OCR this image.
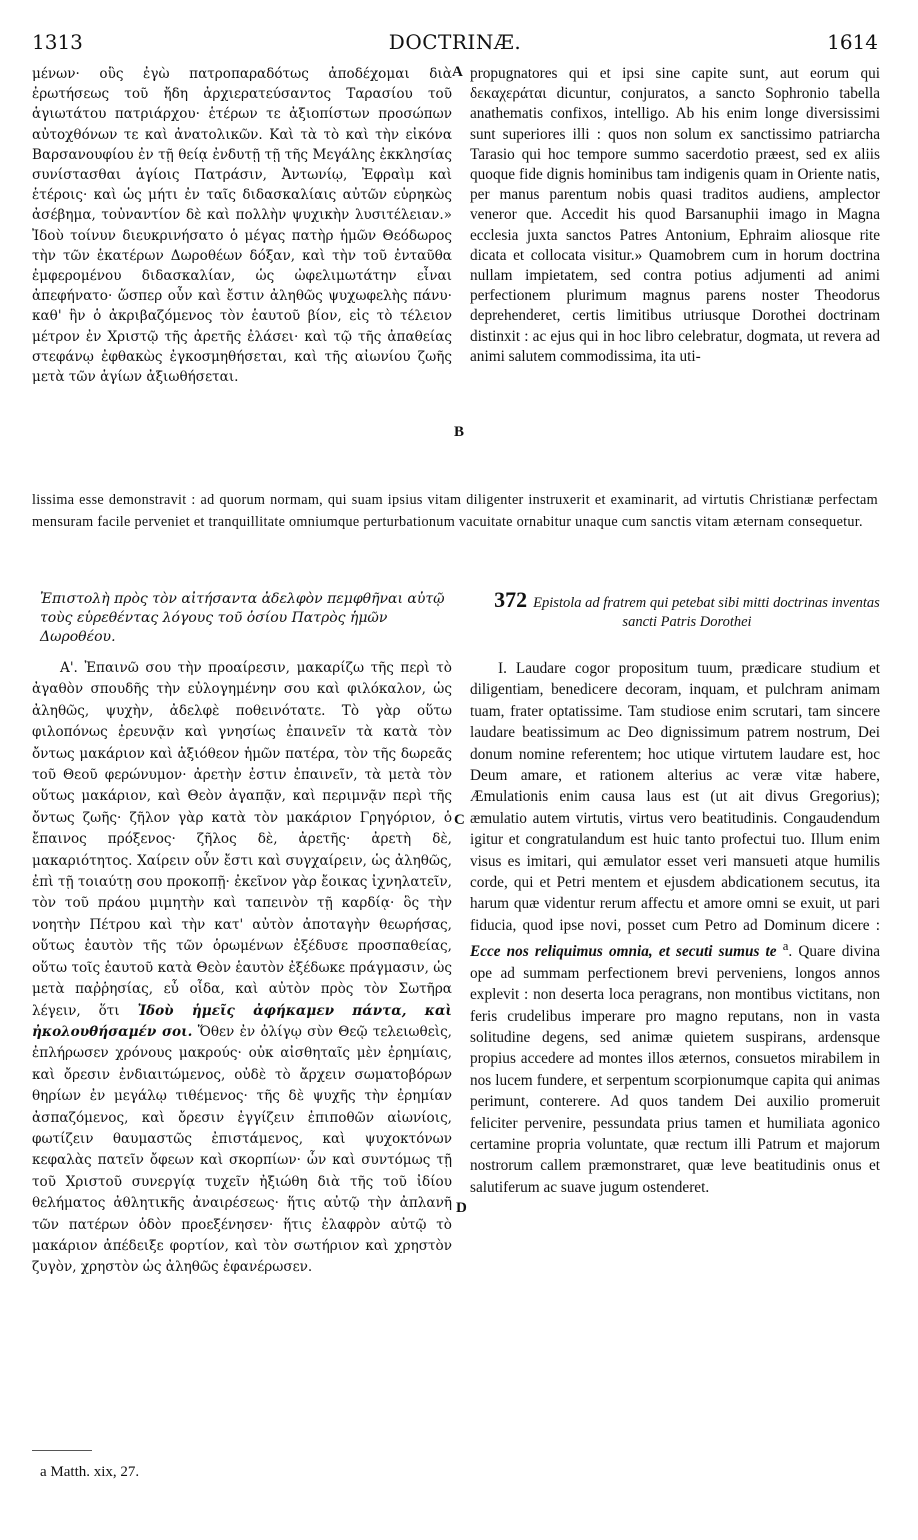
1313	DOCTRINÆ.	1614

μένων· οὓς ἐγὼ πατροπαραδότως ἀποδέχομαι διὰ ἐρωτήσεως τοῦ ἤδη ἀρχιερατεύσαντος Ταρασίου τοῦ ἁγιωτάτου πατριάρχου· ἑτέρων τε ἀξιοπίστων προσώπων αὐτοχθόνων τε καὶ ἀνατολικῶν. Καὶ τὰ τὸ καὶ τὴν εἰκόνα Βαρσανουφίου ἐν τῇ θείᾳ ἐνδυτῇ τῇ τῆς Μεγάλης ἐκκλησίας συνίστασθαι ἁγίοις Πατράσιν, Ἀντωνίῳ, Ἐφραὶμ καὶ ἑτέροις· καὶ ὡς μήτι ἐν ταῖς διδασκαλίαις αὐτῶν εὑρηκὼς ἀσέβημα, τοὐναντίον δὲ καὶ πολλὴν ψυχικὴν λυσιτέλειαν.» Ἰδοὺ τοίνυν διευκρινήσατο ὁ μέγας πατὴρ ἡμῶν Θεόδωρος τὴν τῶν ἑκατέρων Δωροθέων δόξαν, καὶ τὴν τοῦ ἐνταῦθα ἐμφερομένου διδασκαλίαν, ὡς ὠφελιμωτάτην εἶναι ἀπεφήνατο· ὥσπερ οὖν καὶ ἔστιν ἀληθῶς ψυχωφελὴς πάνυ· καθ' ἣν ὁ ἀκριβαζόμενος τὸν ἑαυτοῦ βίον, εἰς τὸ τέλειον μέτρον ἐν Χριστῷ τῆς ἀρετῆς ἐλάσει· καὶ τῷ τῆς ἀπαθείας στεφάνῳ ἐφθακὼς ἐγκοσμηθήσεται, καὶ τῆς αἰωνίου ζωῆς μετὰ τῶν ἁγίων ἀξιωθήσεται.

propugnatores qui et ipsi sine capite sunt, aut eorum qui δεκαχεράται dicuntur, conjuratos, a sancto Sophronio tabella anathematis confixos, intelligo. Ab his enim longe diversissimi sunt superiores illi : quos non solum ex sanctissimo patriarcha Tarasio qui hoc tempore summo sacerdotio præest, sed ex aliis quoque fide dignis hominibus tam indigenis quam in Oriente natis, per manus parentum nobis quasi traditos audiens, amplector veneror que. Accedit his quod Barsanuphii imago in Magna ecclesia juxta sanctos Patres Antonium, Ephraim aliosque rite dicata et collocata visitur.» Quamobrem cum in horum doctrina nullam impietatem, sed contra potius adjumenti ad animi perfectionem plurimum magnus parens noster Theodorus deprehenderet, certis limitibus utriusque Dorothei doctrinam distinxit : ac ejus qui in hoc libro celebratur, dogmata, ut revera ad animi salutem commodissima, ita uti-

A
B
lissima esse demonstravit : ad quorum normam, qui suam ipsius vitam diligenter instruxerit et examinarit, ad virtutis Christianæ perfectam mensuram facile perveniet et tranquillitate omniumque perturbationum vacuitate ornabitur unaque cum sanctis vitam æternam consequetur.
Ἐπιστολὴ πρὸς τὸν αἰτήσαντα ἀδελφὸν πεμφθῆναι αὐτῷ τοὺς εὑρεθέντας λόγους τοῦ ὁσίου Πατρὸς ἡμῶν Δωροθέου.
372 Epistola ad fratrem qui petebat sibi mitti doctrinas inventas sancti Patris Dorothei

Α'. Ἐπαινῶ σου τὴν προαίρεσιν, μακαρίζω τῆς περὶ τὸ ἀγαθὸν σπουδῆς τὴν εὐλογημένην σου καὶ φιλόκαλον, ὡς ἀληθῶς, ψυχὴν, ἀδελφὲ ποθεινότατε. Τὸ γὰρ οὕτω φιλοπόνως ἐρευνᾷν καὶ γνησίως ἐπαινεῖν τὰ κατὰ τὸν ὄντως μακάριον καὶ ἀξιόθεον ἡμῶν πατέρα, τὸν τῆς δωρεᾶς τοῦ Θεοῦ φερώνυμον· ἀρετὴν ἐστιν ἐπαινεῖν, τὰ μετὰ τὸν οὕτως μακάριον, καὶ Θεὸν ἀγαπᾷν, καὶ περιμνᾷν περὶ τῆς ὄντως ζωῆς· ζῆλον γὰρ κατὰ τὸν μακάριον Γρηγόριον, ὁ ἔπαινος πρόξενος· ζῆλος δὲ, ἀρετῆς· ἀρετὴ δὲ, μακαριότητος. Χαίρειν οὖν ἔστι καὶ συγχαίρειν, ὡς ἀληθῶς, ἐπὶ τῇ τοιαύτῃ σου προκοπῇ· ἐκεῖνον γὰρ ἔοικας ἰχνηλατεῖν, τὸν τοῦ πράου μιμητὴν καὶ ταπεινὸν τῇ καρδίᾳ· ὃς τὴν νοητὴν Πέτρου καὶ τὴν κατ' αὐτὸν ἀποταγὴν θεωρήσας, οὕτως ἑαυτὸν τῆς τῶν ὁρωμένων ἐξέδυσε προσπαθείας, οὕτω τοῖς ἑαυτοῦ κατὰ Θεὸν ἑαυτὸν ἐξέδωκε πράγμασιν, ὡς μετὰ παῤῥησίας, εὖ οἶδα, καὶ αὐτὸν πρὸς τὸν Σωτῆρα λέγειν, ὅτι Ἰδοὺ ἡμεῖς ἀφήκαμεν πάντα, καὶ ἠκολουθήσαμέν σοι. Ὅθεν ἐν ὀλίγῳ σὺν Θεῷ τελειωθεὶς, ἐπλήρωσεν χρόνους μακρούς· οὐκ αἰσθηταῖς μὲν ἐρημίαις, καὶ ὄρεσιν ἐνδιαιτώμενος, οὐδὲ τὸ ἄρχειν σωματοβόρων θηρίων ἐν μεγάλῳ τιθέμενος· τῆς δὲ ψυχῆς τὴν ἐρημίαν ἀσπαζόμενος, καὶ ὄρεσιν ἐγγίζειν ἐπιποθῶν αἰωνίοις, φωτίζειν θαυμαστῶς ἐπιστάμενος, καὶ ψυχοκτόνων κεφαλὰς πατεῖν ὄφεων καὶ σκορπίων· ὧν καὶ συντόμως τῇ τοῦ Χριστοῦ συνεργίᾳ τυχεῖν ἠξιώθη διὰ τῆς τοῦ ἰδίου θελήματος ἀθλητικῆς ἀναιρέσεως· ἥτις αὐτῷ τὴν ἀπλανῆ τῶν πατέρων ὁδὸν προεξένησεν· ἥτις ἐλαφρὸν αὐτῷ τὸ μακάριον ἀπέδειξε φορτίον, καὶ τὸν σωτήριον καὶ χρηστὸν ζυγὸν, χρηστὸν ὡς ἀληθῶς ἐφανέρωσεν.

I. Laudare cogor propositum tuum, prædicare studium et diligentiam, benedicere decoram, inquam, et pulchram animam tuam, frater optatissime. Tam studiose enim scrutari, tam sincere laudare beatissimum ac Deo dignissimum patrem nostrum, Dei donum nomine referentem; hoc utique virtutem laudare est, hoc Deum amare, et rationem alterius ac veræ vitæ habere, Æmulationis enim causa laus est (ut ait divus Gregorius); æmulatio autem virtutis, virtus vero beatitudinis. Congaudendum igitur et congratulandum est huic tanto profectui tuo. Illum enim visus es imitari, qui æmulator esset veri mansueti atque humilis corde, qui et Petri mentem et ejusdem abdicationem secutus, ita harum quæ videntur rerum affectu et amore omni se exuit, ut pari fiducia, quod ipse novi, posset cum Petro ad Dominum dicere : Ecce nos reliquimus omnia, et secuti sumus te $^a$. Quare divina ope ad summam perfectionem brevi perveniens, longos annos explevit : non deserta loca peragrans, non montibus victitans, non feris crudelibus imperare pro magno reputans, non in vasta solitudine degens, sed animæ quietem suspirans, ardensque propius accedere ad montes illos æternos, consuetos mirabilem in nos lucem fundere, et serpentum scorpionumque capita qui animas perimunt, conterere. Ad quos tandem Dei auxilio promeruit feliciter pervenire, pessundata prius tamen et humiliata agonico certamine propria voluntate, quæ rectum illi Patrum et majorum nostrorum callem præmonstraret, quæ leve beatitudinis onus et salutiferum ac suave jugum ostenderet.

C
D
a Matth. xix, 27.
